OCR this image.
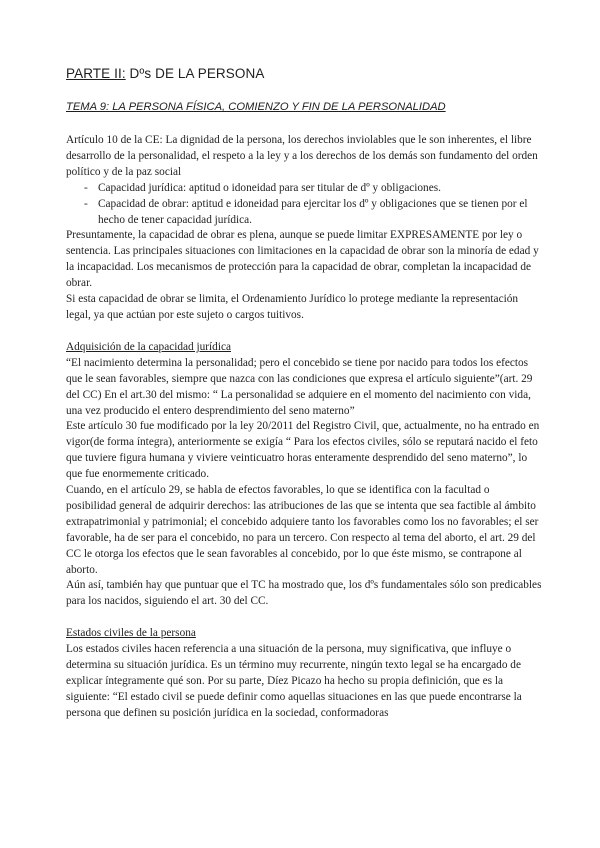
PARTE II: Dºs DE LA PERSONA
TEMA 9: LA PERSONA FÍSICA, COMIENZO Y FIN DE LA PERSONALIDAD

Artículo 10 de la CE: La dignidad de la persona, los derechos inviolables que le son inherentes, el libre desarrollo de la personalidad, el respeto a la ley y a los derechos de los demás son fundamento del orden político y de la paz social

- Capacidad jurídica: aptitud o idoneidad para ser titular de dº y obligaciones.
- Capacidad de obrar: aptitud e idoneidad para ejercitar los dº y obligaciones que se tienen por el hecho de tener capacidad jurídica.

Presuntamente, la capacidad de obrar es plena, aunque se puede limitar EXPRESAMENTE por ley o sentencia. Las principales situaciones con limitaciones en la capacidad de obrar son la minoría de edad y la incapacidad. Los mecanismos de protección para la capacidad de obrar, completan la incapacidad de obrar.

Si esta capacidad de obrar se limita, el Ordenamiento Jurídico lo protege mediante la representación legal, ya que actúan por este sujeto o cargos tuitivos.

Adquisición de la capacidad jurídica

“El nacimiento determina la personalidad; pero el concebido se tiene por nacido para todos los efectos que le sean favorables, siempre que nazca con las condiciones que expresa el artículo siguiente”(art. 29 del CC) En el art.30 del mismo: “ La personalidad se adquiere en el momento del nacimiento con vida, una vez producido el entero desprendimiento del seno materno”

Este artículo 30 fue modificado por la ley 20/2011 del Registro Civil, que, actualmente, no ha entrado en vigor(de forma íntegra), anteriormente se exigía “ Para los efectos civiles, sólo se reputará nacido el feto que tuviere figura humana y viviere veinticuatro horas enteramente desprendido del seno materno”, lo que fue enormemente criticado.

Cuando, en el artículo 29, se habla de efectos favorables, lo que se identifica con la facultad o posibilidad general de adquirir derechos: las atribuciones de las que se intenta que sea factible al ámbito extrapatrimonial y patrimonial; el concebido adquiere tanto los favorables como los no favorables; el ser favorable, ha de ser para el concebido, no para un tercero. Con respecto al tema del aborto, el art. 29 del CC le otorga los efectos que le sean favorables al concebido, por lo que éste mismo, se contrapone al aborto.

Aún así, también hay que puntuar que el TC ha mostrado que, los dºs fundamentales sólo son predicables para los nacidos, siguiendo el art. 30 del CC.

Estados civiles de la persona

Los estados civiles hacen referencia a una situación de la persona, muy significativa, que influye o determina su situación jurídica. Es un término muy recurrente, ningún texto legal se ha encargado de explicar íntegramente qué son. Por su parte, Díez Picazo ha hecho su propia definición, que es la siguiente: “El estado civil se puede definir como aquellas situaciones en las que puede encontrarse la persona que definen su posición jurídica en la sociedad, conformadoras
